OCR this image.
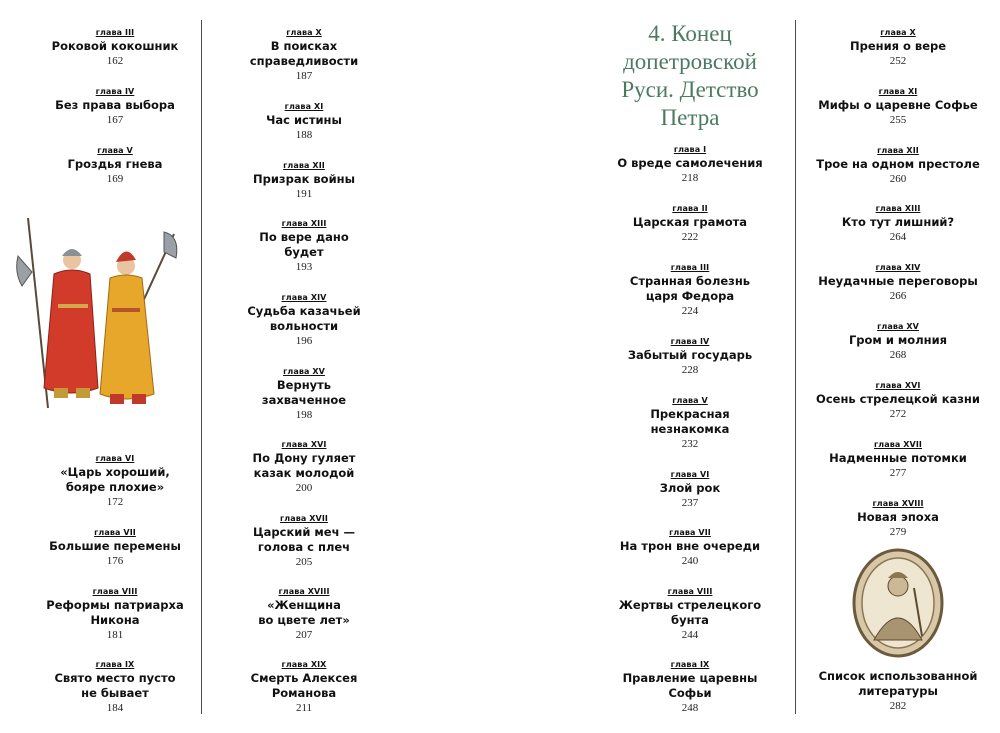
глава III
Роковой кокошник
162
глава IV
Без права выбора
167
глава V
Гроздья гнева
169
глава VI
«Царь хороший,
бояре плохие»
172
глава VII
Большие перемены
176
глава VIII
Реформы патриарха
Никона
181
глава IX
Свято место пусто
не бывает
184
глава X
В поисках
справедливости
187
глава XI
Час истины
188
глава XII
Призрак войны
191
глава XIII
По вере дано
будет
193
глава XIV
Судьба казачьей
вольности
196
глава XV
Вернуть
захваченное
198
глава XVI
По Дону гуляет
казак молодой
200
глава XVII
Царский меч —
голова с плеч
205
глава XVIII
«Женщина
во цвете лет»
207
глава XIX
Смерть Алексея
Романова
211
глава I
О вреде самолечения
218
глава II
Царская грамота
222
глава III
Странная болезнь
царя Федора
224
глава IV
Забытый государь
228
глава V
Прекрасная
незнакомка
232
глава VI
Злой рок
237
глава VII
На трон вне очереди
240
глава VIII
Жертвы стрелецкого
бунта
244
глава IX
Правление царевны
Софьи
248
глава X
Прения о вере
252
глава XI
Мифы о царевне Софье
255
глава XII
Трое на одном престоле
260
глава XIII
Кто тут лишний?
264
глава XIV
Неудачные переговоры
266
глава XV
Гром и молния
268
глава XVI
Осень стрелецкой казни
272
глава XVII
Надменные потомки
277
глава XVIII
Новая эпоха
279
Список использованной
литературы
282
4. Конец
допетровской
Руси. Детство
Петра
